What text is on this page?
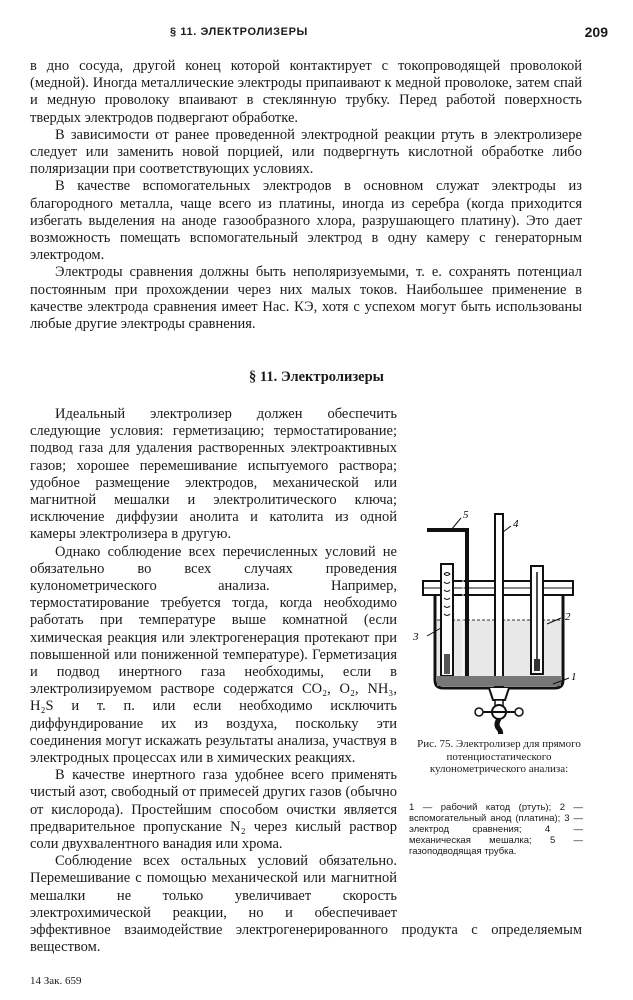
§ 11. ЭЛЕКТРОЛИЗЕРЫ	209

в дно сосуда, другой конец которой контактирует с токопроводящей проволокой (медной). Иногда металлические электроды припаивают к медной проволоке, затем спай и медную проволоку впаивают в стеклянную трубку. Перед работой поверхность твердых электродов подвергают обработке.

В зависимости от ранее проведенной электродной реакции ртуть в электролизере следует или заменить новой порцией, или подвергнуть кислотной обработке либо поляризации при соответствующих условиях.

В качестве вспомогательных электродов в основном служат электроды из благородного металла, чаще всего из платины, иногда из серебра (когда приходится избегать выделения на аноде газообразного хлора, разрушающего платину). Это дает возможность помещать вспомогательный электрод в одну камеру с генераторным электродом.

Электроды сравнения должны быть неполяризуемыми, т. е. сохранять потенциал постоянным при прохождении через них малых токов. Наибольшее применение в качестве электрода сравнения имеет Нас. КЭ, хотя с успехом могут быть использованы любые другие электроды сравнения.

§ 11. Электролизеры
5
4
2
3
1
Рис. 75. Электролизер для прямого потенциостатического кулонометрического анализа:
1 — рабочий катод (ртуть); 2 — вспомогательный анод (платина); 3 — электрод сравнения; 4 — механическая мешалка; 5 — газоподводящая трубка.

Идеальный электролизер должен обеспечить следующие условия: герметизацию; термостатирование; подвод газа для удаления растворенных электроактивных газов; хорошее перемешивание испытуемого раствора; удобное размещение электродов, механической или магнитной мешалки и электролитического ключа; исключение диффузии анолита и католита из одной камеры электролизера в другую.

Однако соблюдение всех перечисленных условий не обязательно во всех случаях проведения кулонометрического анализа. Например, термостатирование требуется тогда, когда необходимо работать при температуре выше комнатной (если химическая реакция или электрогенерация протекают при повышенной или пониженной температуре). Герметизация и подвод инертного газа необходимы, если в электролизируемом растворе содержатся CO₂, O₂, NH₃, H₂S и т. п. или если необходимо исключить диффундирование их из воздуха, поскольку эти соединения могут искажать результаты анализа, участвуя в электродных процессах или в химических реакциях.

В качестве инертного газа удобнее всего применять чистый азот, свободный от примесей других газов (обычно от кислорода). Простейшим способом очистки является предварительное пропускание N₂ через кислый раствор соли двухвалентного ванадия или хрома.

Соблюдение всех остальных условий обязательно. Перемешивание с помощью механической или магнитной мешалки не только увеличивает скорость электрохимической реакции, но и обеспечивает эффективное взаимодействие электрогенерированного продукта с определяемым веществом.

14 Зак. 659
